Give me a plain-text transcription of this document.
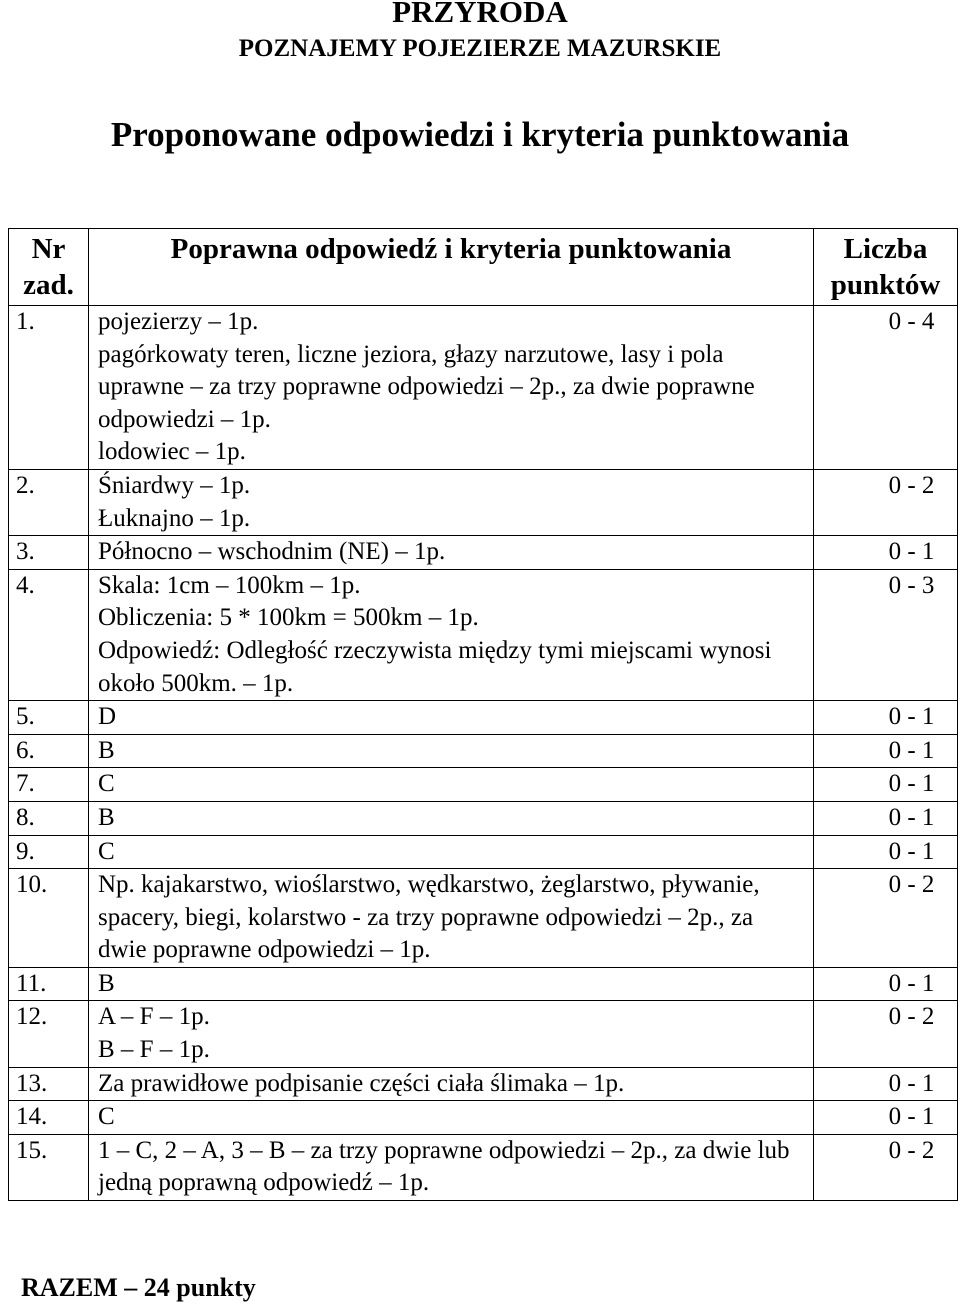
PRZYRODA
POZNAJEMY POJEZIERZE MAZURSKIE
Proponowane odpowiedzi i kryteria punktowania
Nr zad.	Poprawna odpowiedź i kryteria punktowania	Liczba punktów
1.	pojezierzy – 1p.
pagórkowaty teren, liczne jeziora, głazy narzutowe, lasy i pola uprawne – za trzy poprawne odpowiedzi – 2p., za dwie poprawne odpowiedzi – 1p.
lodowiec – 1p.	0 - 4
2.	Śniardwy – 1p.
Łuknajno – 1p.	0 - 2
3.	Północno – wschodnim (NE) – 1p.	0 - 1
4.	Skala: 1cm – 100km – 1p.
Obliczenia: 5 * 100km = 500km – 1p.
Odpowiedź: Odległość rzeczywista między tymi miejscami wynosi około 500km. – 1p.	0 - 3
5.	D	0 - 1
6.	B	0 - 1
7.	C	0 - 1
8.	B	0 - 1
9.	C	0 - 1
10.	Np. kajakarstwo, wioślarstwo, wędkarstwo, żeglarstwo, pływanie, spacery, biegi, kolarstwo - za trzy poprawne odpowiedzi – 2p., za dwie poprawne odpowiedzi – 1p.	0 - 2
11.	B	0 - 1
12.	A – F – 1p.
B – F – 1p.	0 - 2
13.	Za prawidłowe podpisanie części ciała ślimaka – 1p.	0 - 1
14.	C	0 - 1
15.	1 – C, 2 – A, 3 – B – za trzy poprawne odpowiedzi – 2p., za dwie lub jedną poprawną odpowiedź – 1p.	0 - 2
RAZEM – 24 punkty
